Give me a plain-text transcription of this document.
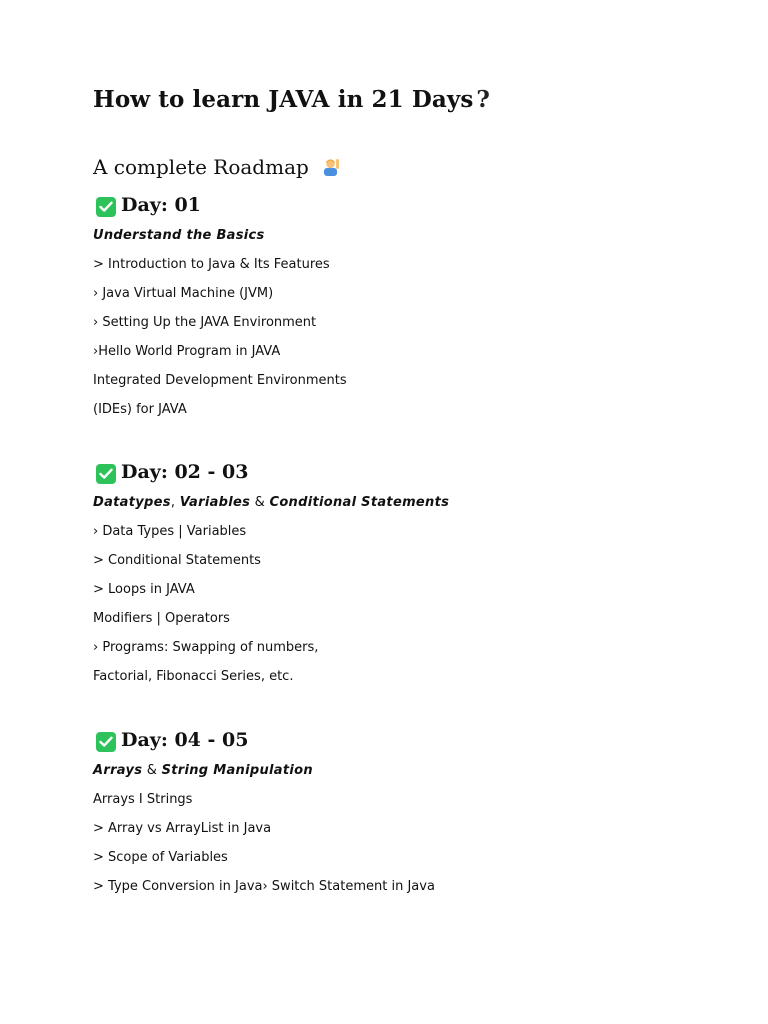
How to learn JAVA in 21 Days ?
A complete Roadmap
Day: 01
Understand the Basics
> Introduction to Java & Its Features
› Java Virtual Machine (JVM)
› Setting Up the JAVA Environment
›Hello World Program in JAVA
Integrated Development Environments
(IDEs) for JAVA
Day: 02 - 03
Datatypes, Variables & Conditional Statements
› Data Types | Variables
> Conditional Statements
> Loops in JAVA
Modifiers | Operators
› Programs: Swapping of numbers,
Factorial, Fibonacci Series, etc.
Day: 04 - 05
Arrays & String Manipulation
Arrays I Strings
> Array vs ArrayList in Java
> Scope of Variables
> Type Conversion in Java› Switch Statement in Java
